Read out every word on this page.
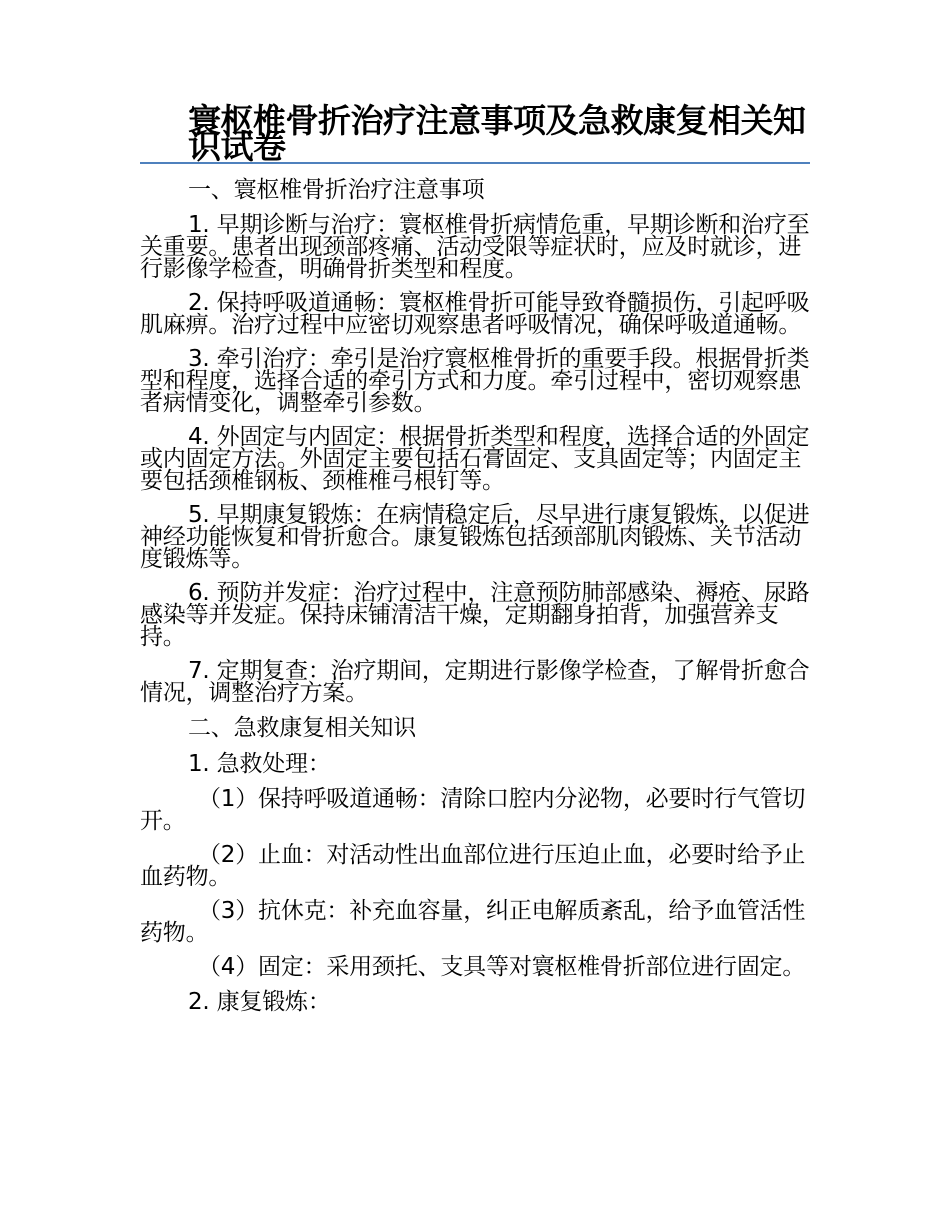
寰枢椎骨折治疗注意事项及急救康复相关知识试卷

一、寰枢椎骨折治疗注意事项

1. 早期诊断与治疗：寰枢椎骨折病情危重，早期诊断和治疗至关重要。患者出现颈部疼痛、活动受限等症状时，应及时就诊，进行影像学检查，明确骨折类型和程度。

2. 保持呼吸道通畅：寰枢椎骨折可能导致脊髓损伤，引起呼吸肌麻痹。治疗过程中应密切观察患者呼吸情况，确保呼吸道通畅。

3. 牵引治疗：牵引是治疗寰枢椎骨折的重要手段。根据骨折类型和程度，选择合适的牵引方式和力度。牵引过程中，密切观察患者病情变化，调整牵引参数。

4. 外固定与内固定：根据骨折类型和程度，选择合适的外固定或内固定方法。外固定主要包括石膏固定、支具固定等；内固定主要包括颈椎钢板、颈椎椎弓根钉等。

5. 早期康复锻炼：在病情稳定后，尽早进行康复锻炼，以促进神经功能恢复和骨折愈合。康复锻炼包括颈部肌肉锻炼、关节活动度锻炼等。

6. 预防并发症：治疗过程中，注意预防肺部感染、褥疮、尿路感染等并发症。保持床铺清洁干燥，定期翻身拍背，加强营养支持。

7. 定期复查：治疗期间，定期进行影像学检查，了解骨折愈合情况，调整治疗方案。

二、急救康复相关知识

1. 急救处理：

（1）保持呼吸道通畅：清除口腔内分泌物，必要时行气管切开。

（2）止血：对活动性出血部位进行压迫止血，必要时给予止血药物。

（3）抗休克：补充血容量，纠正电解质紊乱，给予血管活性药物。

（4）固定：采用颈托、支具等对寰枢椎骨折部位进行固定。

2. 康复锻炼：
